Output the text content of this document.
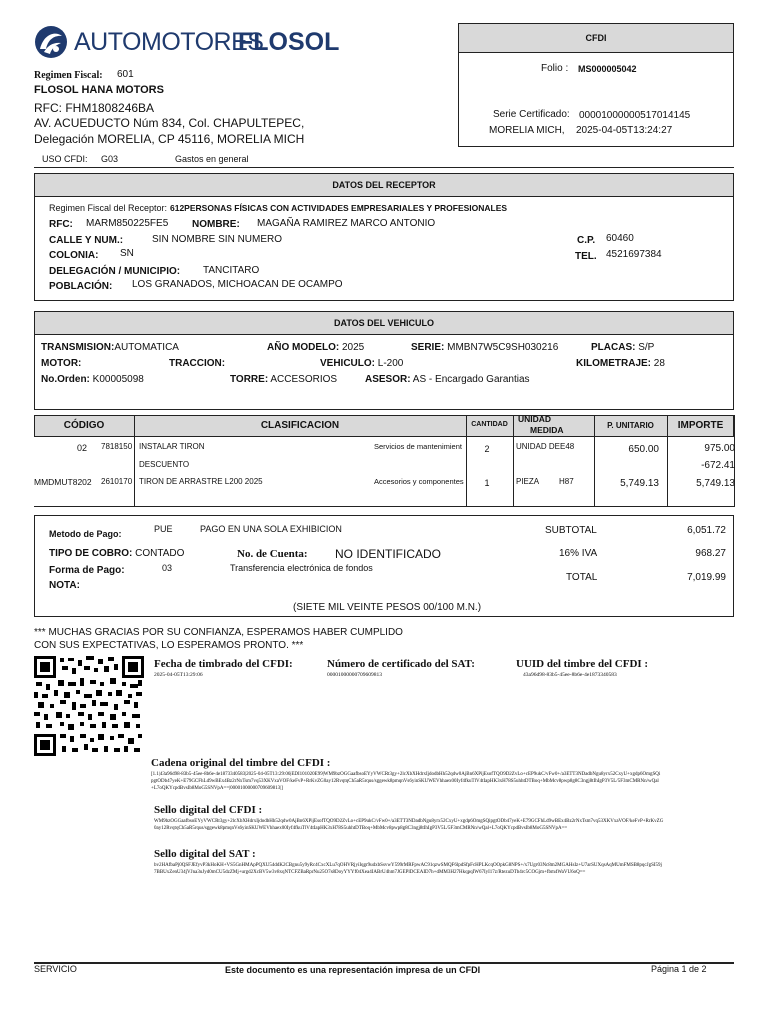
AUTOMOTORES
FLOSOL
Regimen Fiscal: 601
FLOSOL HANA MOTORS
RFC: FHM1808246BA
AV. ACUEDUCTO Núm 834, Col. CHAPULTEPEC,
Delegación MORELIA, CP 45116, MORELIA MICH
CFDI
Folio : MS000005042
Serie Certificado: 00001000000517014145
MORELIA MICH, 2025-04-05T13:24:27
USO CFDI: G03	Gastos en general
DATOS DEL RECEPTOR
Regimen Fiscal del Receptor: 612PERSONAS FÍSICAS CON ACTIVIDADES EMPRESARIALES Y PROFESIONALES
RFC: MARM850225FE5 NOMBRE: MAGAÑA RAMIREZ MARCO ANTONIO
CALLE Y NUM.:	SIN NOMBRE SIN NUMERO	C.P. 60460
COLONIA: SN	TEL. 4521697384
DELEGACIÓN / MUNICIPIO: TANCITARO
POBLACIÓN: LOS GRANADOS, MICHOACAN DE OCAMPO
DATOS DEL VEHICULO
TRANSMISION:AUTOMATICA	AÑO MODELO: 2025	SERIE: MMBN7W5C9SH030216	PLACAS: S/P
MOTOR:	TRACCION:	VEHICULO: L-200	KILOMETRAJE: 28
No.Orden: K00005098	TORRE: ACCESORIOS	ASESOR: AS - Encargado Garantias
CÓDIGO	CLASIFICACION	CANTIDAD
UNIDAD
MEDIDA	P. UNITARIO	IMPORTE
02 7818150 INSTALAR TIRON	Servicios de mantenimient	2	UNIDAD DEE48	650.00	975.00
DESCUENTO	-672.41
MMDMUT8202	2610170 TIRON DE ARRASTRE L200 2025	Accesorios y componentes	1	PIEZA H87	5,749.13	5,749.13
Metodo de Pago:	PUE	PAGO EN UNA SOLA EXHIBICION	SUBTOTAL	6,051.72
TIPO DE COBRO: CONTADO	No. de Cuenta: NO IDENTIFICADO	16% IVA	968.27
Forma de Pago:	03	Transferencia electrónica de fondos
TOTAL	7,019.99
NOTA:
(SIETE MIL VEINTE PESOS 00/100 M.N.)
*** MUCHAS GRACIAS POR SU CONFIANZA, ESPERAMOS HABER CUMPLIDO
CON SUS EXPECTATIVAS, LO ESPERAMOS PRONTO. ***
Fecha de timbrado del CFDI:
2025-04-05T13:29:06
Número de certificado del SAT:
00001000000709609813
UUID del timbre del CFDI :
43a96d98-83b5-45ee-8b6e-4e1873340583
Cadena original del timbre del CFDI :
[1.1|43a96d98-83b5-45ee-8b6e-4e1873340583|2025-04-05T13:29:06|EDI101020E99|WM9bzOGGaafbsoEYyVWCRt3gy+2lcXbXHdrxIjdodbHh52qdw0AjBn6XPijEsofTQO9D2ZvLo+cEP9ukC/vFw0+/a3ETT3NDadbNgu8yrx52CxyU+xgdp6OmgSQipgtODb47yeK+E79GCFhLd9wBEx4Bz2rNxTsm7vq53XKVxaVOF/keFvP+RrKvZG0ay12RvqtqCh5aR5rqus/sggewk8pmqnVs6yinSKUWEVhhaex00Iyf4fkuTlV4tIapHK3xH78S5uhhtDTBoq+MbMcv8pwp8g8C3ngj8tIhIgP3V5L/5F3mCMRNn/wQal+L7oQKYcpdBvsIb8MoG5SNVpA==|00001000000709609813|]
Sello digital del CFDI :
WM9bzOGGaafbsoEYyVWCRt3gy+2lcXbXHdrxIjdodbHh52qdw0AjBn6XPijEsofTQO9D2ZvLo+cEP9ukC/vFw0+/a3ETT3NDadbNgu8yrx52CxyU+xgdp6OmgSQipgtODb47yeK+E79GCFhLd9wBEx4Bz2rNxTsm7vq53XKVxaVOF/keFvP+RrKvZG0ay12RvqtqCh5aR5rqus/sggewk8pmqnVs6yinSKUWEVhhaex00Iyf4fkuTlV4tIapHK3xH78S5uhhtDTBoq+MbMcv8pwp8g8C3ngj8tIhIgP3V5L/5F3mCMRNn/wQal+L7oQKYcpdBvsIb8MoG5SNVpA==
Sello digital del SAT :
bv2HAfbaPj0QSFJEfyvP3kHoKH+VS5GnHMApPQXU54ddK2CBgnu5y9yRc4CxcXLu7qOHVRjyiIqgr9udxbSsvwY599rMRFpwAC91qzwSMQF6lpdSfpFcHPLKcqOOpkG8NPS+/x7Ugr03Nc8m2MGAHsIz+U7arSUXqsAqMUmFMSB8pqcJgSI59j7BBUxZenU34jVJna3uJyd0mCU5dzZMj+urgd2XcBV5w3v8xqNTCFZBaRprNu25O7s8DoyYYYf04Xea4IABrU4hm7JGEPlDCEAID7h+dMM3H27HkqpqIW67IyI17z/RtezuDTb4rc5COGjm+fbm4WaVU6oQ==
SERVICIO	Este documento es una representación impresa de un CFDI	Página 1 de 2
